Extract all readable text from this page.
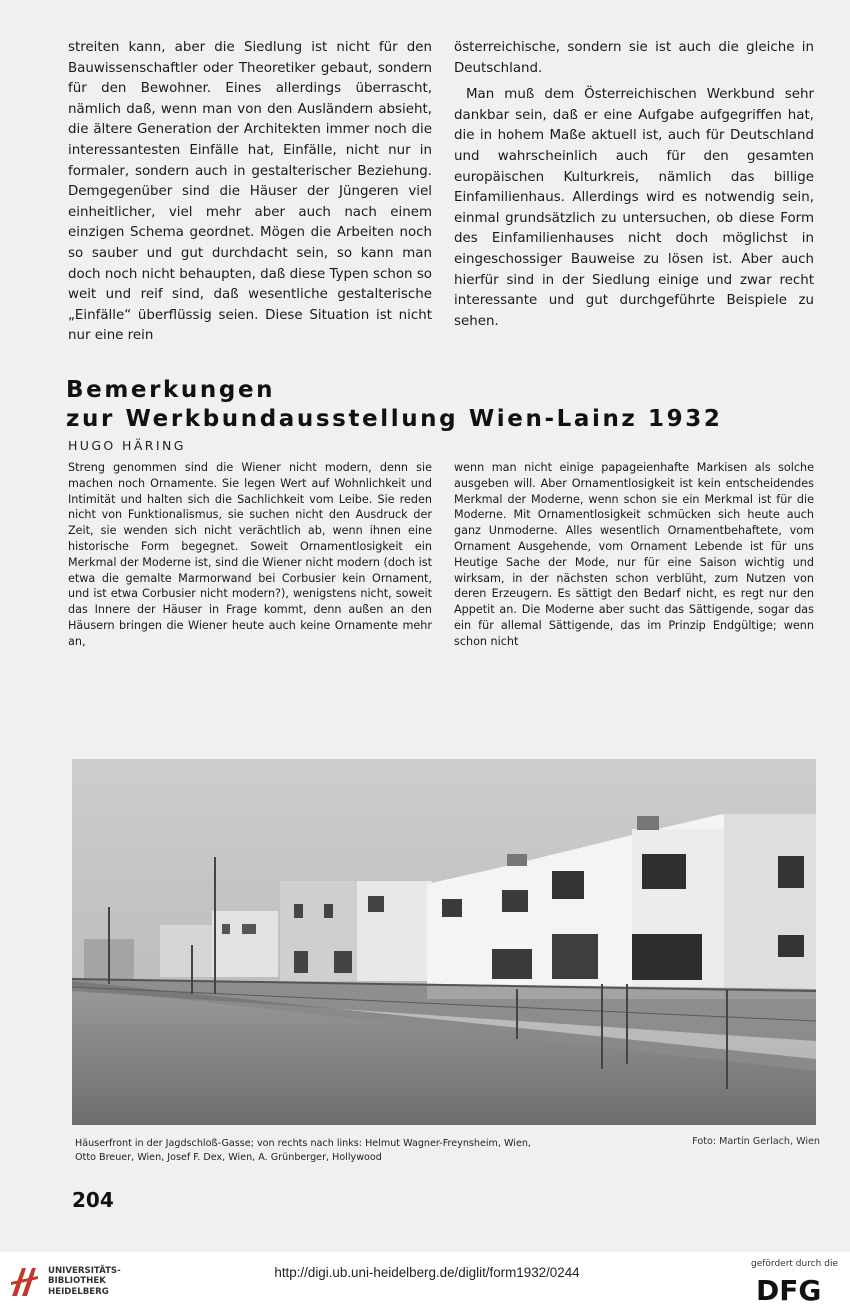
streiten kann, aber die Siedlung ist nicht für den Bauwissenschaftler oder Theoretiker gebaut, sondern für den Bewohner. Eines allerdings überrascht, nämlich daß, wenn man von den Ausländern absieht, die ältere Generation der Architekten immer noch die interessantesten Einfälle hat, Einfälle, nicht nur in formaler, sondern auch in gestalterischer Beziehung. Demgegenüber sind die Häuser der Jüngeren viel einheitlicher, viel mehr aber auch nach einem einzigen Schema geordnet. Mögen die Arbeiten noch so sauber und gut durchdacht sein, so kann man doch noch nicht behaupten, daß diese Typen schon so weit und reif sind, daß wesentliche gestalterische „Einfälle“ überflüssig seien. Diese Situation ist nicht nur eine rein

österreichische, sondern sie ist auch die gleiche in Deutschland.

Man muß dem Österreichischen Werkbund sehr dankbar sein, daß er eine Aufgabe aufgegriffen hat, die in hohem Maße aktuell ist, auch für Deutschland und wahrscheinlich auch für den gesamten europäischen Kulturkreis, nämlich das billige Einfamilienhaus. Allerdings wird es notwendig sein, einmal grundsätzlich zu untersuchen, ob diese Form des Einfamilienhauses nicht doch möglichst in eingeschossiger Bauweise zu lösen ist. Aber auch hierfür sind in der Siedlung einige und zwar recht interessante und gut durchgeführte Beispiele zu sehen.

Bemerkungen
zur Werkbundausstellung Wien-Lainz 1932
HUGO HÄRING

Streng genommen sind die Wiener nicht modern, denn sie machen noch Ornamente. Sie legen Wert auf Wohnlichkeit und Intimität und halten sich die Sachlichkeit vom Leibe. Sie reden nicht von Funktionalismus, sie suchen nicht den Ausdruck der Zeit, sie wenden sich nicht verächtlich ab, wenn ihnen eine historische Form begegnet. Soweit Ornamentlosigkeit ein Merkmal der Moderne ist, sind die Wiener nicht modern (doch ist etwa die gemalte Marmorwand bei Corbusier kein Ornament, und ist etwa Corbusier nicht modern?), wenigstens nicht, soweit das Innere der Häuser in Frage kommt, denn außen an den Häusern bringen die Wiener heute auch keine Ornamente mehr an,

wenn man nicht einige papageienhafte Markisen als solche ausgeben will. Aber Ornamentlosigkeit ist kein entscheidendes Merkmal der Moderne, wenn schon sie ein Merkmal ist für die Moderne. Mit Ornamentlosigkeit schmücken sich heute auch ganz Unmoderne. Alles wesentlich Ornamentbehaftete, vom Ornament Ausgehende, vom Ornament Lebende ist für uns Heutige Sache der Mode, nur für eine Saison wichtig und wirksam, in der nächsten schon verblüht, zum Nutzen von deren Erzeugern. Es sättigt den Bedarf nicht, es regt nur den Appetit an. Die Moderne aber sucht das Sättigende, sogar das ein für allemal Sättigende, das im Prinzip Endgültige; wenn schon nicht

Häuserfront in der Jagdschloß-Gasse; von rechts nach links: Helmut Wagner-Freynsheim, Wien,
Otto Breuer, Wien, Josef F. Dex, Wien, A. Grünberger, Hollywood
Foto: Martin Gerlach, Wien
204
UNIVERSITÄTS-
BIBLIOTHEK
HEIDELBERG
http://digi.ub.uni-heidelberg.de/diglit/form1932/0244
gefördert durch die
DFG
